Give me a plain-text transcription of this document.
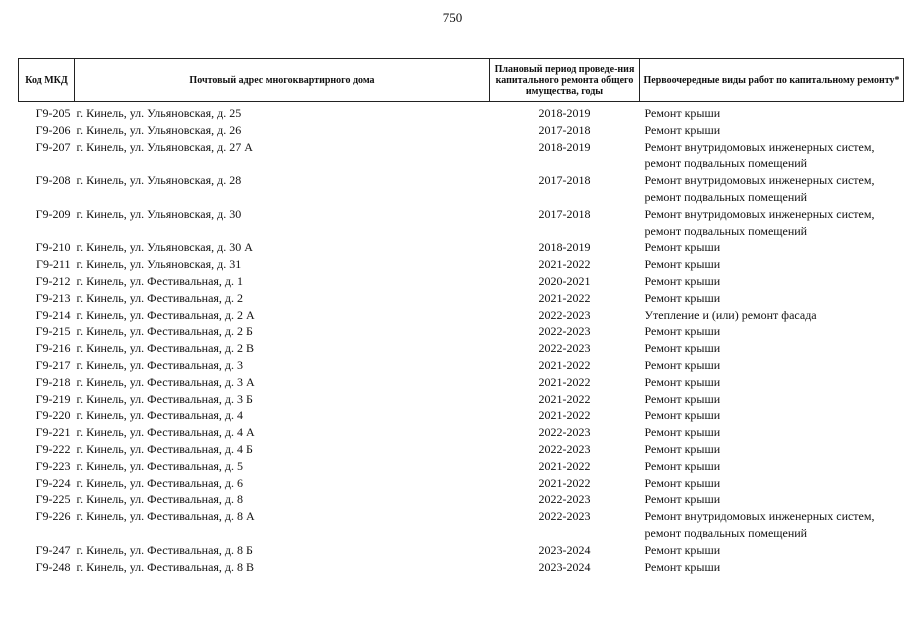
750
Код МКД	Почтовый адрес многоквартирного дома	Плановый период проведе-ния капитального ремонта общего имущества, годы	Первоочередные виды работ по капитальному ремонту*
Г9-205	г. Кинель, ул. Ульяновская, д. 25	2018-2019	Ремонт крыши
Г9-206	г. Кинель, ул. Ульяновская, д. 26	2017-2018	Ремонт крыши
Г9-207	г. Кинель, ул. Ульяновская, д. 27 А	2018-2019	Ремонт внутридомовых инженерных систем, ремонт подвальных помещений
Г9-208	г. Кинель, ул. Ульяновская, д. 28	2017-2018	Ремонт внутридомовых инженерных систем, ремонт подвальных помещений
Г9-209	г. Кинель, ул. Ульяновская, д. 30	2017-2018	Ремонт внутридомовых инженерных систем, ремонт подвальных помещений
Г9-210	г. Кинель, ул. Ульяновская, д. 30 А	2018-2019	Ремонт крыши
Г9-211	г. Кинель, ул. Ульяновская, д. 31	2021-2022	Ремонт крыши
Г9-212	г. Кинель, ул. Фестивальная, д. 1	2020-2021	Ремонт крыши
Г9-213	г. Кинель, ул. Фестивальная, д. 2	2021-2022	Ремонт крыши
Г9-214	г. Кинель, ул. Фестивальная, д. 2 А	2022-2023	Утепление и (или) ремонт фасада
Г9-215	г. Кинель, ул. Фестивальная, д. 2 Б	2022-2023	Ремонт крыши
Г9-216	г. Кинель, ул. Фестивальная, д. 2 В	2022-2023	Ремонт крыши
Г9-217	г. Кинель, ул. Фестивальная, д. 3	2021-2022	Ремонт крыши
Г9-218	г. Кинель, ул. Фестивальная, д. 3 А	2021-2022	Ремонт крыши
Г9-219	г. Кинель, ул. Фестивальная, д. 3 Б	2021-2022	Ремонт крыши
Г9-220	г. Кинель, ул. Фестивальная, д. 4	2021-2022	Ремонт крыши
Г9-221	г. Кинель, ул. Фестивальная, д. 4 А	2022-2023	Ремонт крыши
Г9-222	г. Кинель, ул. Фестивальная, д. 4 Б	2022-2023	Ремонт крыши
Г9-223	г. Кинель, ул. Фестивальная, д. 5	2021-2022	Ремонт крыши
Г9-224	г. Кинель, ул. Фестивальная, д. 6	2021-2022	Ремонт крыши
Г9-225	г. Кинель, ул. Фестивальная, д. 8	2022-2023	Ремонт крыши
Г9-226	г. Кинель, ул. Фестивальная, д. 8 А	2022-2023	Ремонт внутридомовых инженерных систем, ремонт подвальных помещений
Г9-247	г. Кинель, ул. Фестивальная, д. 8 Б	2023-2024	Ремонт крыши
Г9-248	г. Кинель, ул. Фестивальная, д. 8 В	2023-2024	Ремонт крыши
